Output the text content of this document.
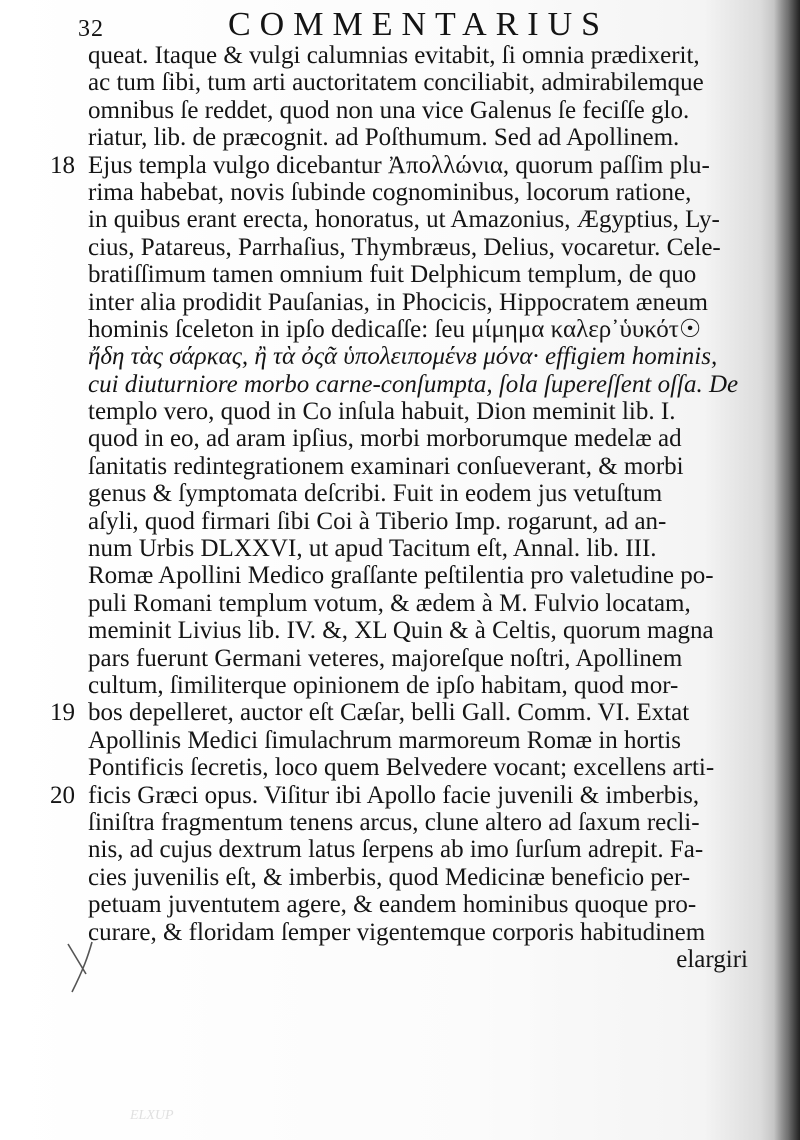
32	COMMENTARIUS
queat. Itaque & vulgi calumnias evitabit, ſi omnia prædixerit,
ac tum ſibi, tum arti auctoritatem conciliabit, admirabilemque
omnibus ſe reddet, quod non una vice Galenus ſe feciſſe glo.
riatur, lib. de præcognit. ad Poſthumum. Sed ad Apollinem.
18 Ejus templa vulgo dicebantur Ἀπολλώνια, quorum paſſim plu-
rima habebat, novis ſubinde cognominibus, locorum ratione,
in quibus erant erecta, honoratus, ut Amazonius, Ægyptius, Ly-
cius, Patareus, Parrhaſius, Thymbræus, Delius, vocaretur. Cele-
bratiſſimum tamen omnium fuit Delphicum templum, de quo
inter alia prodidit Pauſanias, in Phocicis, Hippocratem æneum
hominis ſceleton in ipſo dedicaſſe: ſeu μίμημα καλερ᾽ὑυκότ☉
ἤδη τὰς σάρκας, ἢ τὰ ὀςᾶ ὑπολειπομένᴕ μόνα· effigiem hominis,
cui diuturniore morbo carne-conſumpta, ſola ſupereſſent oſſa. De
templo vero, quod in Co inſula habuit, Dion meminit lib. I.
quod in eo, ad aram ipſius, morbi morborumque medelæ ad
ſanitatis redintegrationem examinari conſueverant, & morbi
genus & ſymptomata deſcribi. Fuit in eodem jus vetuſtum
aſyli, quod firmari ſibi Coi à Tiberio Imp. rogarunt, ad an-
num Urbis DLXXVI, ut apud Tacitum eſt, Annal. lib. III.
Romæ Apollini Medico graſſante peſtilentia pro valetudine po-
puli Romani templum votum, & ædem à M. Fulvio locatam,
meminit Livius lib. IV. &, XL Quin & à Celtis, quorum magna
pars fuerunt Germani veteres, majoreſque noſtri, Apollinem
cultum, ſimiliterque opinionem de ipſo habitam, quod mor-
19 bos depelleret, auctor eſt Cæſar, belli Gall. Comm. VI. Extat
Apollinis Medici ſimulachrum marmoreum Romæ in hortis
Pontificis ſecretis, loco quem Belvedere vocant; excellens arti-
20 ficis Græci opus. Viſitur ibi Apollo facie juvenili & imberbis,
ſiniſtra fragmentum tenens arcus, clune altero ad ſaxum recli-
nis, ad cujus dextrum latus ſerpens ab imo ſurſum adrepit. Fa-
cies juvenilis eſt, & imberbis, quod Medicinæ beneficio per-
petuam juventutem agere, & eandem hominibus quoque pro-
curare, & floridam ſemper vigentemque corporis habitudinem
elargiri
ELXUP
